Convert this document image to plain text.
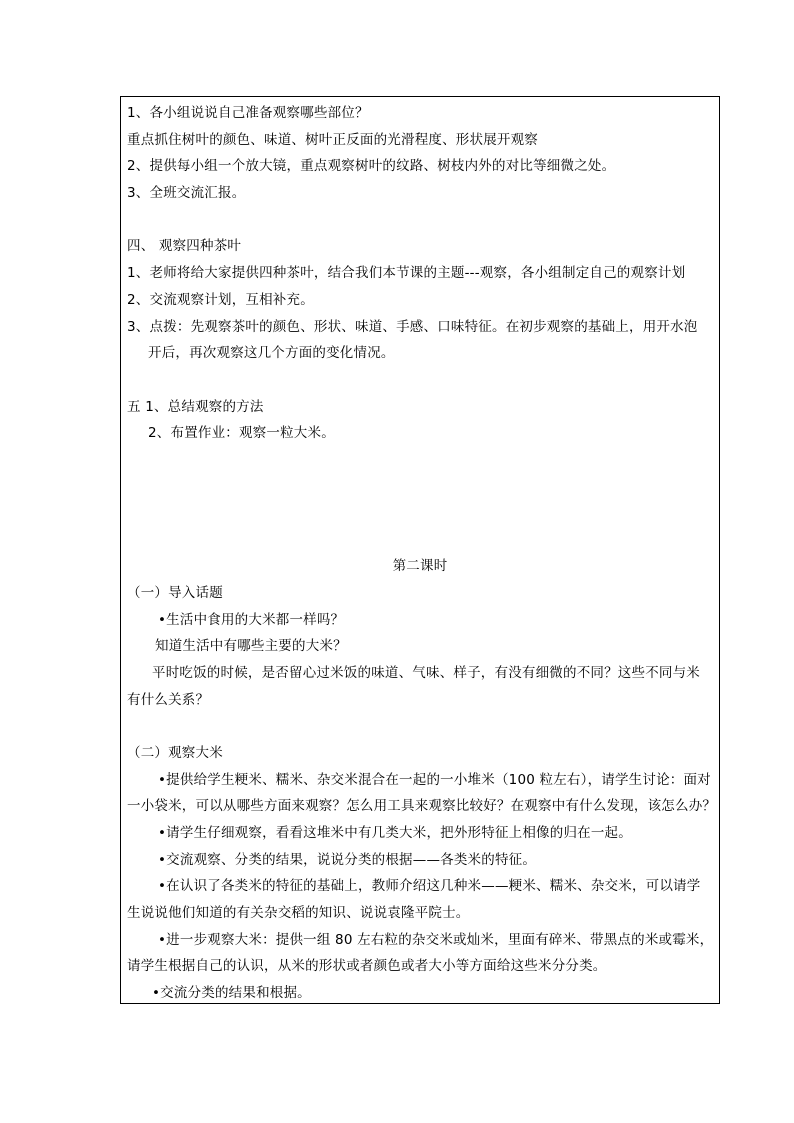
1、各小组说说自己准备观察哪些部位？
重点抓住树叶的颜色、味道、树叶正反面的光滑程度、形状展开观察
2、提供每小组一个放大镜，重点观察树叶的纹路、树枝内外的对比等细微之处。
3、全班交流汇报。
四、 观察四种茶叶
1、老师将给大家提供四种茶叶，结合我们本节课的主题---观察，各小组制定自己的观察计划
2、交流观察计划，互相补充。
3、点拨：先观察茶叶的颜色、形状、味道、手感、口味特征。在初步观察的基础上，用开水泡
开后，再次观察这几个方面的变化情况。
五 1、总结观察的方法
2、布置作业：观察一粒大米。
第二课时
（一）导入话题
•生活中食用的大米都一样吗？
知道生活中有哪些主要的大米？
平时吃饭的时候，是否留心过米饭的味道、气味、样子，有没有细微的不同？这些不同与米
有什么关系？
（二）观察大米
•提供给学生粳米、糯米、杂交米混合在一起的一小堆米（100 粒左右），请学生讨论：面对
一小袋米，可以从哪些方面来观察？怎么用工具来观察比较好？在观察中有什么发现，该怎么办？
•请学生仔细观察，看看这堆米中有几类大米，把外形特征上相像的归在一起。
•交流观察、分类的结果，说说分类的根据——各类米的特征。
•在认识了各类米的特征的基础上，教师介绍这几种米——粳米、糯米、杂交米，可以请学
生说说他们知道的有关杂交稻的知识、说说袁隆平院士。
•进一步观察大米：提供一组 80 左右粒的杂交米或灿米，里面有碎米、带黑点的米或霉米，
请学生根据自己的认识，从米的形状或者颜色或者大小等方面给这些米分分类。
•交流分类的结果和根据。
